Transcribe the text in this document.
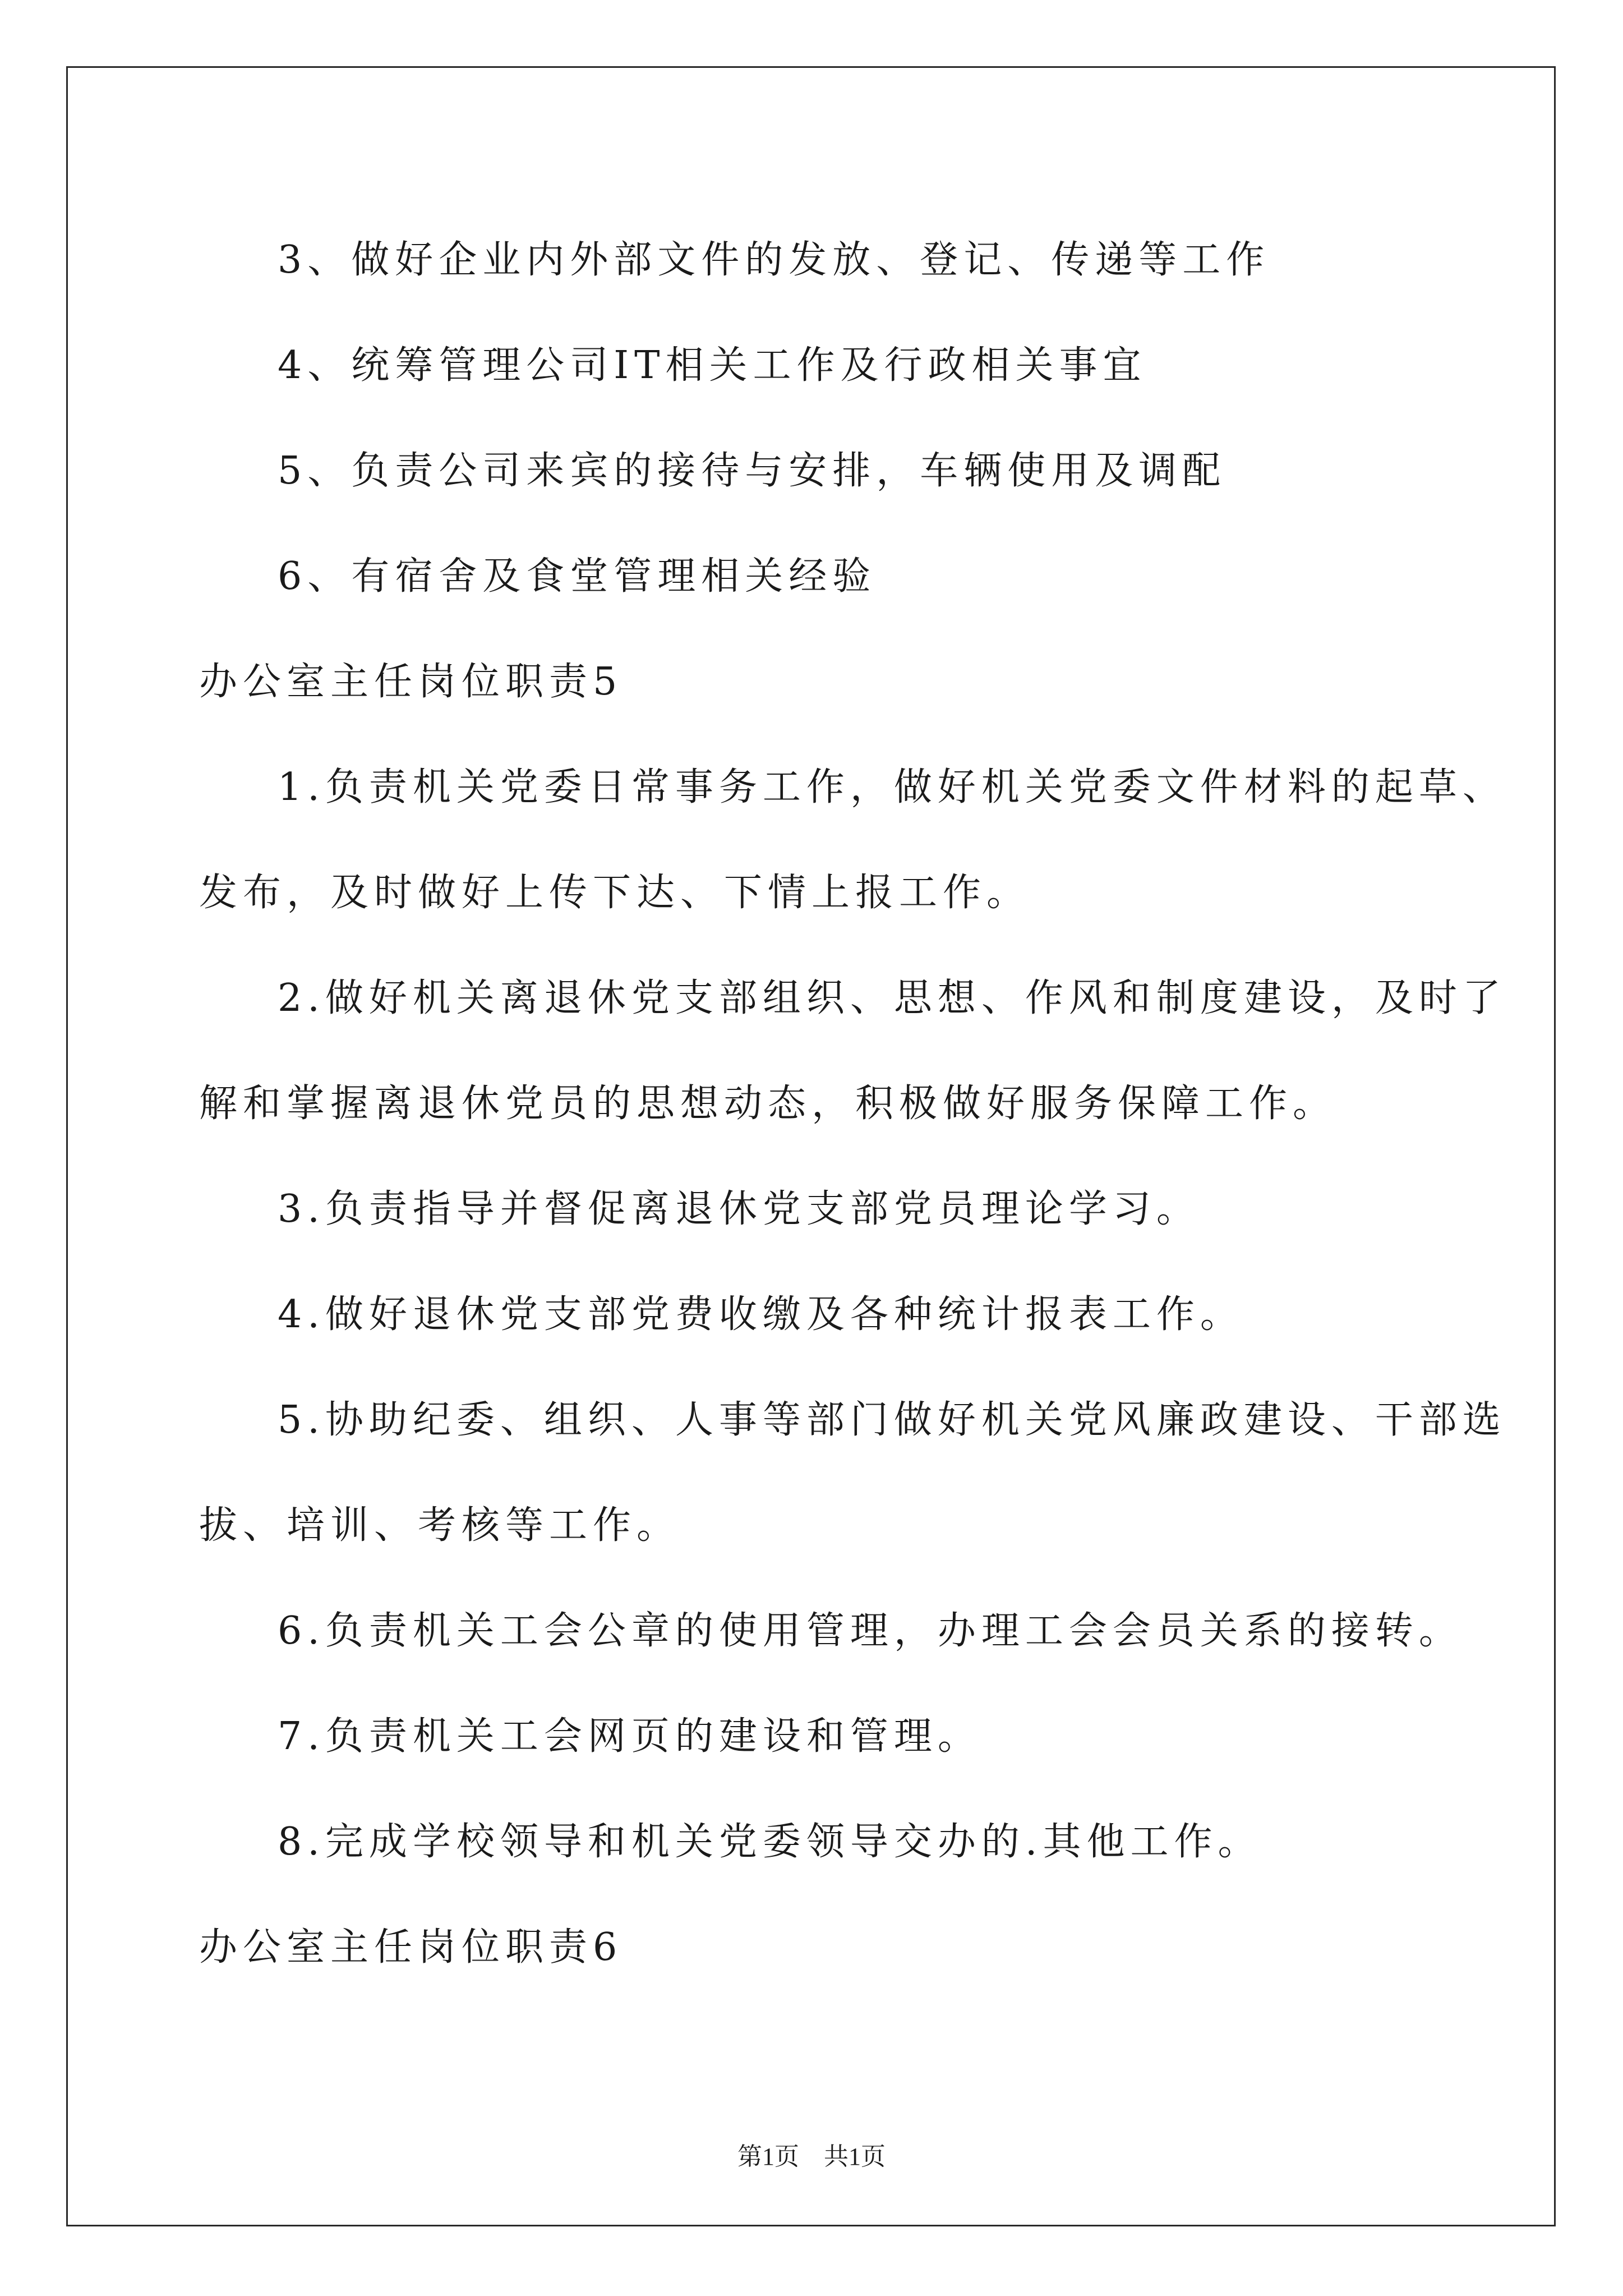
3、做好企业内外部文件的发放、登记、传递等工作
4、统筹管理公司IT相关工作及行政相关事宜
5、负责公司来宾的接待与安排，车辆使用及调配
6、有宿舍及食堂管理相关经验
办公室主任岗位职责5
1.负责机关党委日常事务工作，做好机关党委文件材料的起草、
发布，及时做好上传下达、下情上报工作。
2.做好机关离退休党支部组织、思想、作风和制度建设，及时了
解和掌握离退休党员的思想动态，积极做好服务保障工作。
3.负责指导并督促离退休党支部党员理论学习。
4.做好退休党支部党费收缴及各种统计报表工作。
5.协助纪委、组织、人事等部门做好机关党风廉政建设、干部选
拔、培训、考核等工作。
6.负责机关工会公章的使用管理，办理工会会员关系的接转。
7.负责机关工会网页的建设和管理。
8.完成学校领导和机关党委领导交办的.其他工作。
办公室主任岗位职责6
第1页　共1页
